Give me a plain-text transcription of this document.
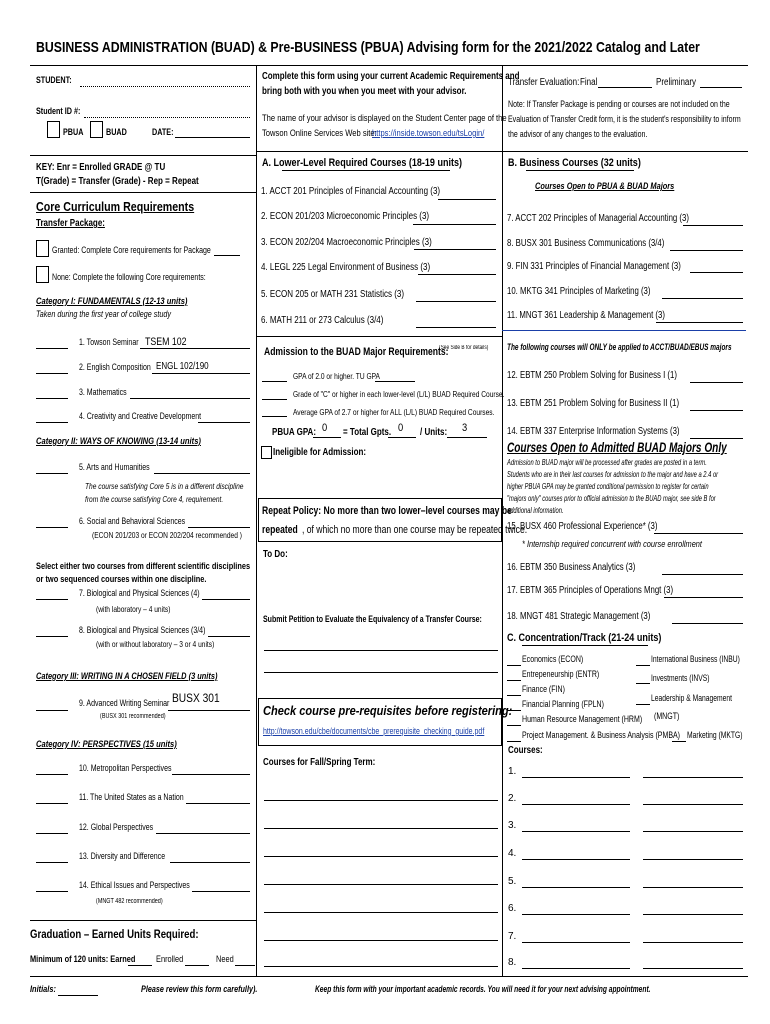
BUSINESS ADMINISTRATION (BUAD) & Pre-BUSINESS (PBUA) Advising form for the 2021/2022 Catalog and Later
STUDENT:
Student ID #:
PBUA	BUAD	DATE:
KEY: Enr = Enrolled GRADE @ TU
T(Grade) = Transfer (Grade) - Rep = Repeat
Core Curriculum Requirements
Transfer Package:
Granted: Complete Core requirements for Package
None: Complete the following Core requirements:
Category I: FUNDAMENTALS (12-13 units)
Taken during the first year of college study
1. Towson Seminar TSEM 102
2. English Composition ENGL 102/190
3. Mathematics
4. Creativity and Creative Development
Category II: WAYS OF KNOWING (13-14 units)
5. Arts and Humanities
The course satisfying Core 5 is in a different discipline
from the course satisfying Core 4, requirement.
6. Social and Behavioral Sciences
(ECON 201/203 or ECON 202/204 recommended )
Select either two courses from different scientific disciplines
or two sequenced courses within one discipline.
7. Biological and Physical Sciences (4)
(with laboratory – 4 units)
8. Biological and Physical Sciences (3/4)
(with or without laboratory – 3 or 4 units)
Category III: WRITING IN A CHOSEN FIELD (3 units)
9. Advanced Writing Seminar BUSX 301
(BUSX 301 recommended)
Category IV: PERSPECTIVES (15 units)
10. Metropolitan Perspectives
11. The United States as a Nation
12. Global Perspectives
13. Diversity and Difference
14. Ethical Issues and Perspectives
(MNGT 482 recommended)
Graduation – Earned Units Required:
Minimum of 120 units: Earned Enrolled	Need
Complete this form using your current Academic Requirements and
bring both with you when you meet with your advisor.
The name of your advisor is displayed on the Student Center page of the
Towson Online Services Web site:
https://inside.towson.edu/tsLogin/
A. Lower-Level Required Courses (18-19 units)
1. ACCT 201 Principles of Financial Accounting (3)
2. ECON 201/203 Microeconomic Principles (3)
3. ECON 202/204 Macroeconomic Principles (3)
4. LEGL 225 Legal Environment of Business (3)
5. ECON 205 or MATH 231 Statistics (3)
6. MATH 211 or 273 Calculus (3/4)
Admission to the BUAD Major Requirements:
(See Side B for details)
GPA of 2.0 or higher. TU GPA
Grade of "C" or higher in each lower-level (L/L) BUAD Required Course.
Average GPA of 2.7 or higher for ALL (L/L) BUAD Required Courses.
PBUA GPA: 0 = Total Gpts. 0 / Units: 3
Ineligible for Admission:
Repeat Policy: No more than two lower–level courses may be
repeated , of which no more than one course may be repeated twice.
To Do:
Submit Petition to Evaluate the Equivalency of a Transfer Course:
Check course pre-requisites before registering:
http://towson.edu/cbe/documents/cbe_prerequisite_checking_guide.pdf
Courses for Fall/Spring Term:
Transfer Evaluation: Final	Preliminary
Note: If Transfer Package is pending or courses are not included on the
Evaluation of Transfer Credit form, it is the student's responsibility to inform
the advisor of any changes to the evaluation.
B. Business Courses (32 units)
Courses Open to PBUA & BUAD Majors
7. ACCT 202 Principles of Managerial Accounting (3)
8. BUSX 301 Business Communications (3/4)
9. FIN 331 Principles of Financial Management (3)
10. MKTG 341 Principles of Marketing (3)
11. MNGT 361 Leadership & Management (3)
The following courses will ONLY be applied to ACCT/BUAD/EBUS majors
12. EBTM 250 Problem Solving for Business I (1)
13. EBTM 251 Problem Solving for Business II (1)
14. EBTM 337 Enterprise Information Systems (3)
Courses Open to Admitted BUAD Majors Only
Admission to BUAD major will be processed after grades are posted in a term.
Students who are in their last courses for admission to the major and have a 2.4 or
higher PBUA GPA may be granted conditional permission to register for certain
"majors only" courses prior to official admission to the BUAD major, see side B for
additional information.
15. BUSX 460 Professional Experience* (3)
* Internship required concurrent with course enrollment
16. EBTM 350 Business Analytics (3)
17. EBTM 365 Principles of Operations Mngt (3)
18. MNGT 481 Strategic Management (3)
C. Concentration/Track (21-24 units)
Economics (ECON)
Entrepeneurship (ENTR)
Finance (FIN)
Financial Planning (FPLN)
Human Resource Management (HRM)
Project Management. & Business Analysis (PMBA)
International Business (INBU)
Investments (INVS)
Leadership & Management
(MNGT)
Marketing (MKTG)
Courses:
1.
2.
3.
4.
5.
6.
7.
8.
Initials:	Please review this form carefully).	Keep this form with your important academic records. You will need it for your next advising appointment.
